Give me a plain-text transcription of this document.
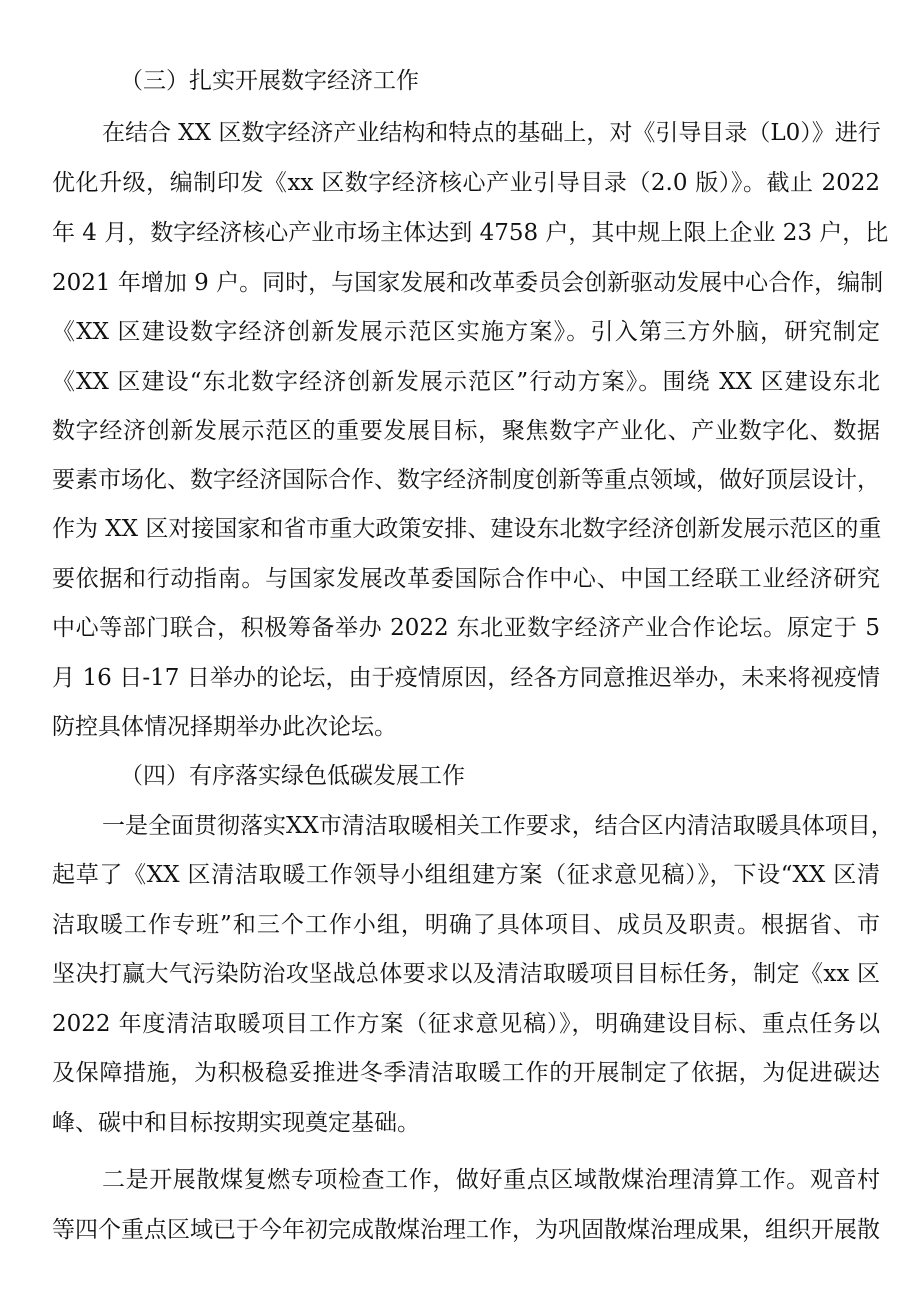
（三）扎实开展数字经济工作
在结合 XX 区数字经济产业结构和特点的基础上，对《引导目录（L0）》进行
优化升级，编制印发《xx 区数字经济核心产业引导目录（2.0 版）》。截止 2022
年 4 月，数字经济核心产业市场主体达到 4758 户，其中规上限上企业 23 户，比
2021 年增加 9 户。同时，与国家发展和改革委员会创新驱动发展中心合作，编制
《XX 区建设数字经济创新发展示范区实施方案》。引入第三方外脑，研究制定
《XX 区建设“东北数字经济创新发展示范区”行动方案》。围绕 XX 区建设东北
数字经济创新发展示范区的重要发展目标，聚焦数字产业化、产业数字化、数据
要素市场化、数字经济国际合作、数字经济制度创新等重点领域，做好顶层设计，
作为 XX 区对接国家和省市重大政策安排、建设东北数字经济创新发展示范区的重
要依据和行动指南。与国家发展改革委国际合作中心、中国工经联工业经济研究
中心等部门联合，积极筹备举办 2022 东北亚数字经济产业合作论坛。原定于 5
月 16 日-17 日举办的论坛，由于疫情原因，经各方同意推迟举办，未来将视疫情
防控具体情况择期举办此次论坛。
（四）有序落实绿色低碳发展工作
一是全面贯彻落实XX市清洁取暖相关工作要求，结合区内清洁取暖具体项目，
起草了《XX 区清洁取暖工作领导小组组建方案（征求意见稿）》，下设“XX 区清
洁取暖工作专班”和三个工作小组，明确了具体项目、成员及职责。根据省、市
坚决打赢大气污染防治攻坚战总体要求以及清洁取暖项目目标任务，制定《xx 区
2022 年度清洁取暖项目工作方案（征求意见稿）》，明确建设目标、重点任务以
及保障措施，为积极稳妥推进冬季清洁取暖工作的开展制定了依据，为促进碳达
峰、碳中和目标按期实现奠定基础。
二是开展散煤复燃专项检查工作，做好重点区域散煤治理清算工作。观音村
等四个重点区域已于今年初完成散煤治理工作，为巩固散煤治理成果，组织开展散
